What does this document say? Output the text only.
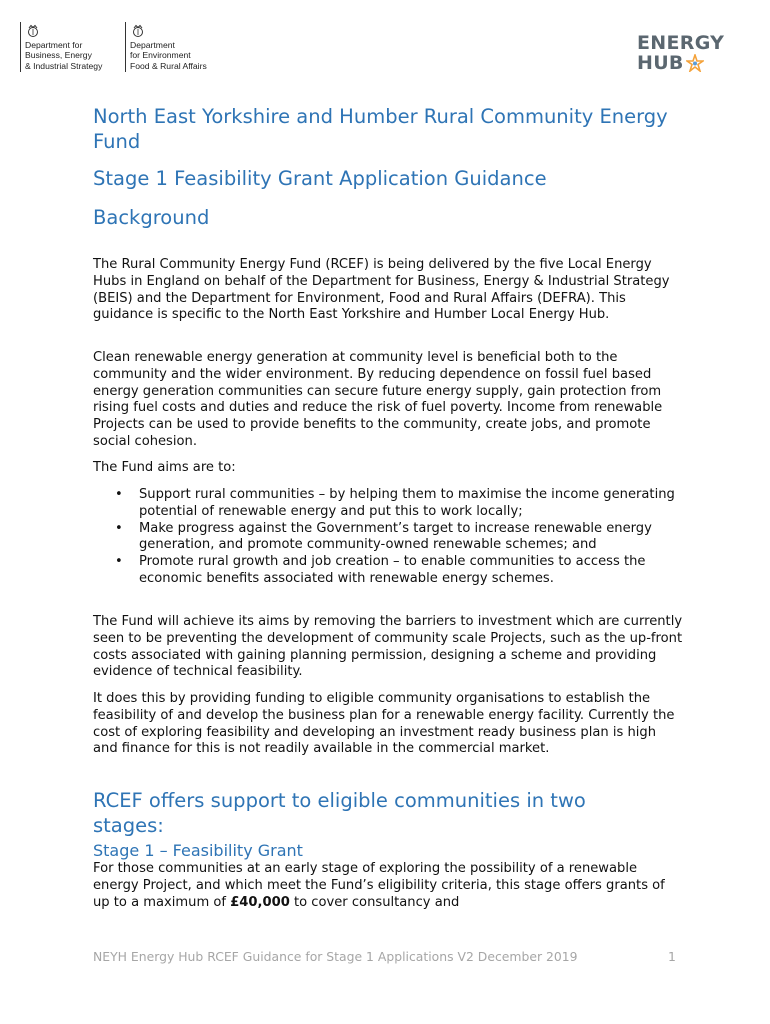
Department for
Business, Energy
& Industrial Strategy
Department
for Environment
Food & Rural Affairs
ENERGY
HUB
North East Yorkshire and Humber Rural Community Energy Fund
Stage 1 Feasibility Grant Application Guidance
Background

The Rural Community Energy Fund (RCEF) is being delivered by the five Local Energy Hubs in England on behalf of the Department for Business, Energy & Industrial Strategy (BEIS) and the Department for Environment, Food and Rural Affairs (DEFRA). This guidance is specific to the North East Yorkshire and Humber Local Energy Hub.

Clean renewable energy generation at community level is beneficial both to the community and the wider environment. By reducing dependence on fossil fuel based energy generation communities can secure future energy supply, gain protection from rising fuel costs and duties and reduce the risk of fuel poverty. Income from renewable Projects can be used to provide benefits to the community, create jobs, and promote social cohesion.

The Fund aims are to:

• Support rural communities – by helping them to maximise the income generating potential of renewable energy and put this to work locally;
• Make progress against the Government’s target to increase renewable energy generation, and promote community-owned renewable schemes; and
• Promote rural growth and job creation – to enable communities to access the economic benefits associated with renewable energy schemes.

The Fund will achieve its aims by removing the barriers to investment which are currently seen to be preventing the development of community scale Projects, such as the up-front costs associated with gaining planning permission, designing a scheme and providing evidence of technical feasibility.

It does this by providing funding to eligible community organisations to establish the feasibility of and develop the business plan for a renewable energy facility. Currently the cost of exploring feasibility and developing an investment ready business plan is high and finance for this is not readily available in the commercial market.

RCEF offers support to eligible communities in two stages:
Stage 1 – Feasibility Grant

For those communities at an early stage of exploring the possibility of a renewable energy Project, and which meet the Fund’s eligibility criteria, this stage offers grants of up to a maximum of £40,000 to cover consultancy and

NEYH Energy Hub RCEF Guidance for Stage 1 Applications V2 December 2019	1
